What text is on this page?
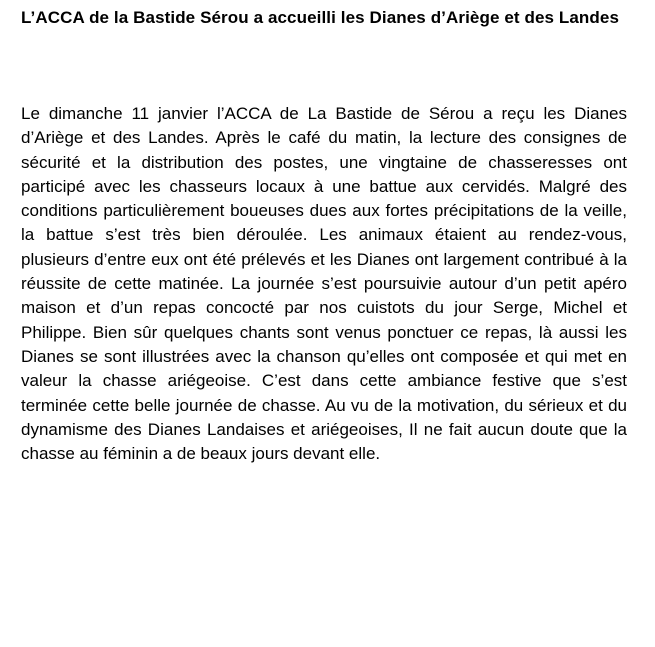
L’ACCA de la Bastide Sérou a accueilli les Dianes d’Ariège et des Landes

Le dimanche 11 janvier l’ACCA de La Bastide de Sérou a reçu les Dianes d’Ariège et des Landes. Après le café du matin, la lecture des consignes de sécurité et la distribution des postes, une vingtaine de chasseresses ont participé avec les chasseurs locaux à une battue aux cervidés. Malgré des conditions particulièrement boueuses dues aux fortes précipitations de la veille, la battue s’est très bien déroulée. Les animaux étaient au rendez-vous, plusieurs d’entre eux ont été prélevés et les Dianes ont largement contribué à la réussite de cette matinée. La journée s’est poursuivie autour d’un petit apéro maison et d’un repas concocté par nos cuistots du jour Serge, Michel et Philippe. Bien sûr quelques chants sont venus ponctuer ce repas, là aussi les Dianes se sont illustrées avec la chanson qu’elles ont composée et qui met en valeur la chasse ariégeoise. C’est dans cette ambiance festive que s’est terminée cette belle journée de chasse. Au vu de la motivation, du sérieux et du dynamisme des Dianes Landaises et ariégeoises, Il ne fait aucun doute que la chasse au féminin a de beaux jours devant elle.
